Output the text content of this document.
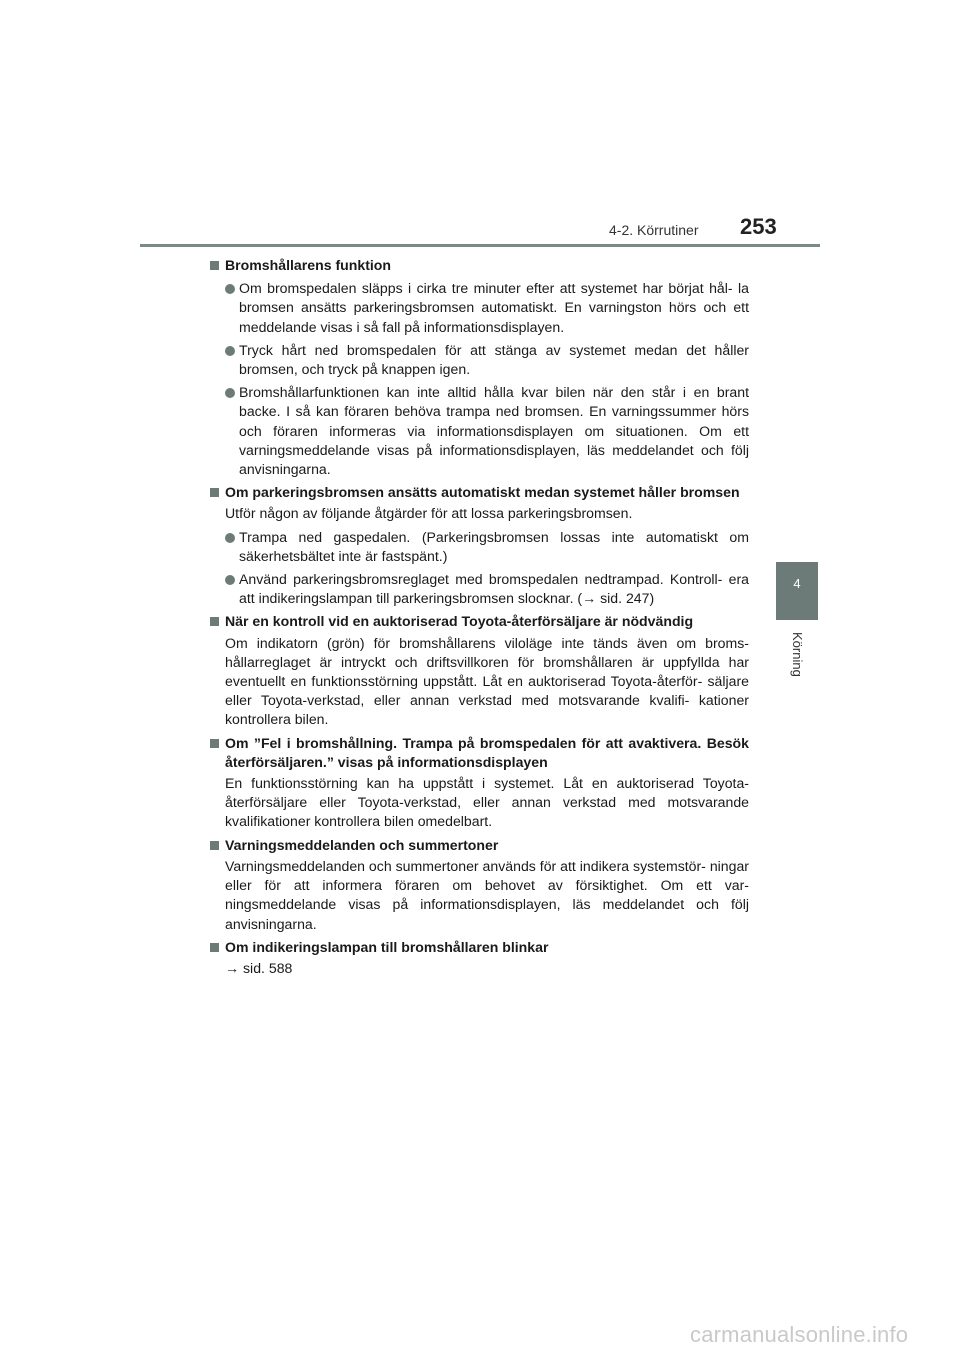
4-2. Körrutiner 253
4
Körning
Bromshållarens funktion
Om bromspedalen släpps i cirka tre minuter efter att systemet har börjat hål- la bromsen ansätts parkeringsbromsen automatiskt. En varningston hörs och ett meddelande visas i så fall på informationsdisplayen.
Tryck hårt ned bromspedalen för att stänga av systemet medan det håller bromsen, och tryck på knappen igen.
Bromshållarfunktionen kan inte alltid hålla kvar bilen när den står i en brant backe. I så kan föraren behöva trampa ned bromsen. En varningssummer hörs och föraren informeras via informationsdisplayen om situationen. Om ett varningsmeddelande visas på informationsdisplayen, läs meddelandet och följ anvisningarna.
Om parkeringsbromsen ansätts automatiskt medan systemet håller bromsen
Utför någon av följande åtgärder för att lossa parkeringsbromsen.
Trampa ned gaspedalen. (Parkeringsbromsen lossas inte automatiskt om säkerhetsbältet inte är fastspänt.)
Använd parkeringsbromsreglaget med bromspedalen nedtrampad. Kontroll- era att indikeringslampan till parkeringsbromsen slocknar. (→ sid. 247)
När en kontroll vid en auktoriserad Toyota-återförsäljare är nödvändig
Om indikatorn (grön) för bromshållarens viloläge inte tänds även om broms- hållarreglaget är intryckt och driftsvillkoren för bromshållaren är uppfyllda har eventuellt en funktionsstörning uppstått. Låt en auktoriserad Toyota-återför- säljare eller Toyota-verkstad, eller annan verkstad med motsvarande kvalifi- kationer kontrollera bilen.
Om ”Fel i bromshållning. Trampa på bromspedalen för att avaktivera. Besök återförsäljaren.” visas på informationsdisplayen
En funktionsstörning kan ha uppstått i systemet. Låt en auktoriserad Toyota- återförsäljare eller Toyota-verkstad, eller annan verkstad med motsvarande kvalifikationer kontrollera bilen omedelbart.
Varningsmeddelanden och summertoner
Varningsmeddelanden och summertoner används för att indikera systemstör- ningar eller för att informera föraren om behovet av försiktighet. Om ett var- ningsmeddelande visas på informationsdisplayen, läs meddelandet och följ anvisningarna.
Om indikeringslampan till bromshållaren blinkar
→ sid. 588
carmanualsonline.info
